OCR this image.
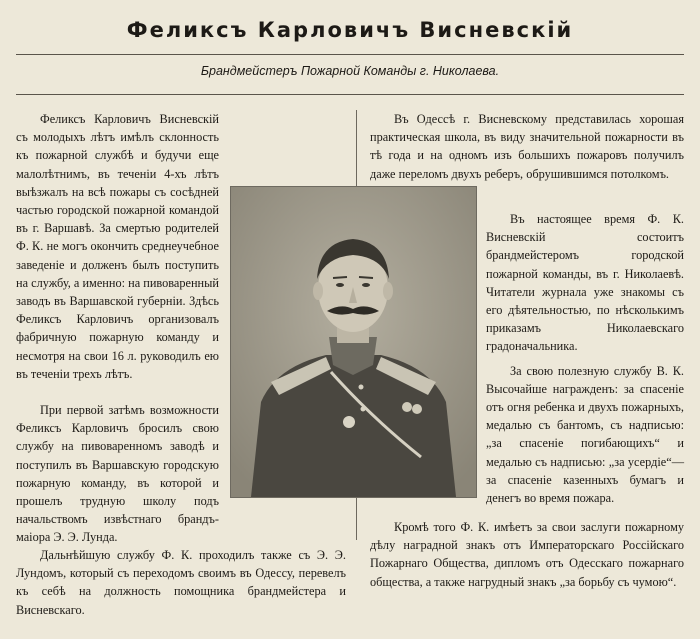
Феликсъ Карловичъ Висневскій
Брандмейстеръ Пожарной Команды г. Николаева.

Феликсъ Карловичъ Висневскій съ молодыхъ лѣтъ имѣлъ склонность къ пожарной службѣ и будучи еще малолѣтнимъ, въ теченіи 4-хъ лѣтъ выѣзжалъ на всѣ пожары съ сосѣдней частью городской пожарной командой въ г. Варшавѣ. За смертью родителей Ф. К. не могъ окончить среднеучебное заведеніе и долженъ былъ поступить на службу, а именно: на пивоваренный заводъ въ Варшавской губерніи. Здѣсь Феликсъ Карловичъ организовалъ фабричную пожарную команду и несмотря на свои 16 л. руководилъ ею въ теченіи трехъ лѣтъ.

При первой затѣмъ возможности Феликсъ Карловичъ бросилъ свою службу на пивоваренномъ заводѣ и поступилъ въ Варшавскую городскую пожарную команду, въ которой и прошелъ трудную школу подъ начальствомъ извѣстнаго брандъ-маіора Э. Э. Лунда.

Дальнѣйшую службу Ф. К. проходилъ также съ Э. Э. Лундомъ, который съ переходомъ своимъ въ Одессу, перевелъ къ себѣ на должность помощника брандмейстера и Висневскаго.

Въ Одессѣ г. Висневскому представилась хорошая практическая школа, въ виду значительной пожарности въ тѣ года и на одномъ изъ большихъ пожаровъ получилъ даже переломъ двухъ реберъ, обрушившимся потолкомъ.

Въ настоящее время Ф. К. Висневскій состоитъ брандмейстеромъ городской пожарной команды, въ г. Николаевѣ. Читатели журнала уже знакомы съ его дѣятельностью, по нѣсколькимъ приказамъ Николаевскаго градоначальника.

За свою полезную службу В. К. Высочайше награжденъ: за спасеніе отъ огня ребенка и двухъ пожарныхъ, медалью съ бантомъ, съ надписью: „за спасеніе погибающихъ“ и медалью съ надписью: „за усердіе“—за спасеніе казенныхъ бумагъ и денегъ во время пожара.

Кромѣ того Ф. К. имѣетъ за свои заслуги пожарному дѣлу наградной знакъ отъ Императорскаго Россійскаго Пожарнаго Общества, дипломъ отъ Одесскаго пожарнаго общества, а также нагрудный знакъ „за борьбу съ чумою“.
